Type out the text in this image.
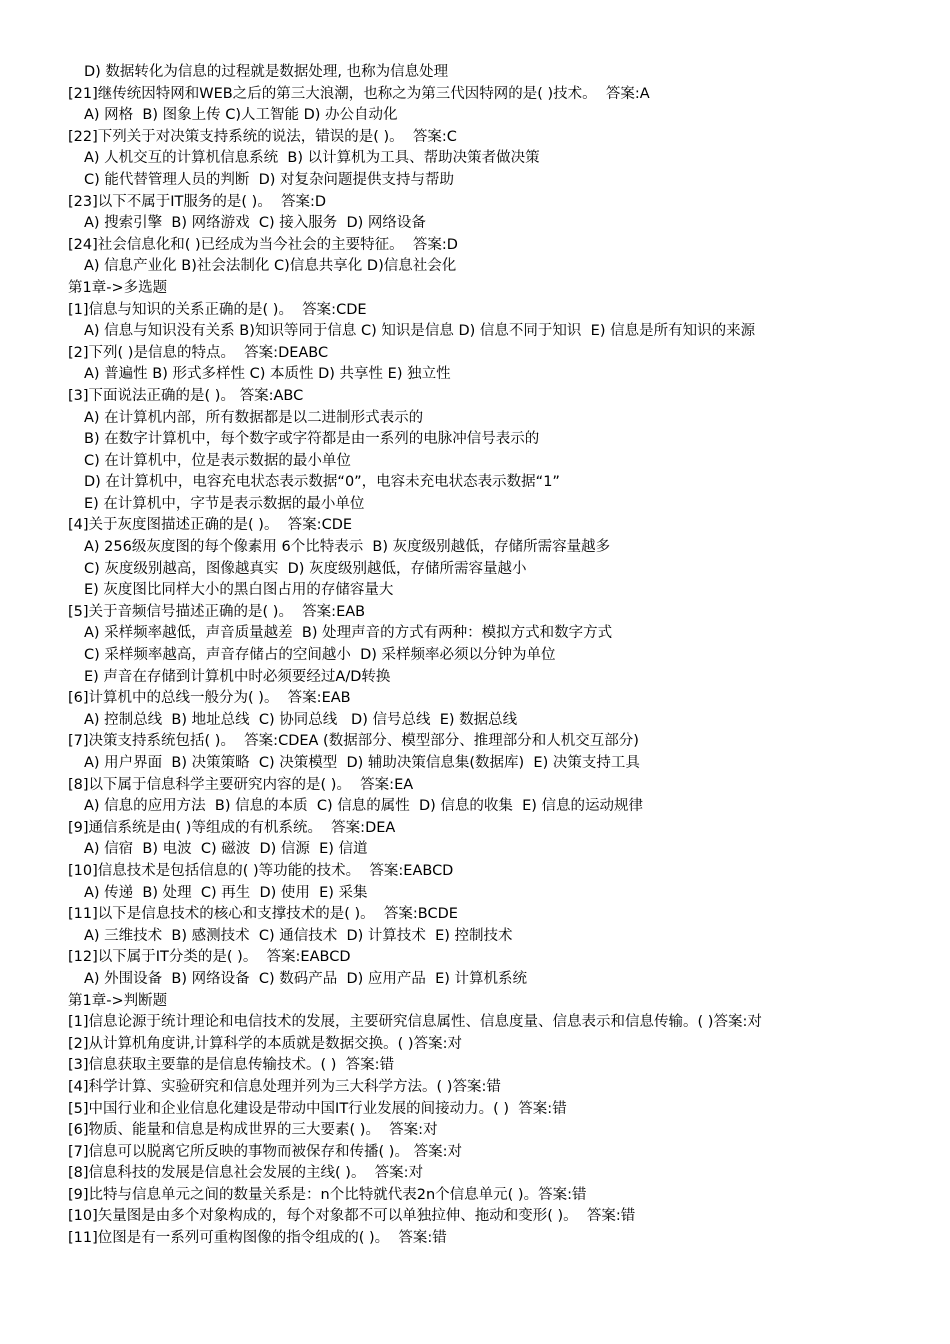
D) 数据转化为信息的过程就是数据处理, 也称为信息处理
[21]继传统因特网和WEB之后的第三大浪潮，也称之为第三代因特网的是( )技术。  答案:A
A) 网格  B) 图象上传 C)人工智能 D) 办公自动化
[22]下列关于对决策支持系统的说法，错误的是( )。  答案:C
A) 人机交互的计算机信息系统  B) 以计算机为工具、帮助决策者做决策
C) 能代替管理人员的判断  D) 对复杂问题提供支持与帮助
[23]以下不属于IT服务的是( )。  答案:D
A) 搜索引擎  B) 网络游戏  C) 接入服务  D) 网络设备
[24]社会信息化和( )已经成为当今社会的主要特征。  答案:D
A) 信息产业化 B)社会法制化 C)信息共享化 D)信息社会化
第1章->多选题
[1]信息与知识的关系正确的是( )。  答案:CDE
A) 信息与知识没有关系 B)知识等同于信息 C) 知识是信息 D) 信息不同于知识  E) 信息是所有知识的来源
[2]下列( )是信息的特点。  答案:DEABC
A) 普遍性 B) 形式多样性 C) 本质性 D) 共享性 E) 独立性
[3]下面说法正确的是( )。 答案:ABC
A) 在计算机内部，所有数据都是以二进制形式表示的
B) 在数字计算机中，每个数字或字符都是由一系列的电脉冲信号表示的
C) 在计算机中，位是表示数据的最小单位
D) 在计算机中，电容充电状态表示数据“0”，电容未充电状态表示数据“1”
E) 在计算机中，字节是表示数据的最小单位
[4]关于灰度图描述正确的是( )。  答案:CDE
A) 256级灰度图的每个像素用 6个比特表示  B) 灰度级别越低，存储所需容量越多
C) 灰度级别越高，图像越真实  D) 灰度级别越低，存储所需容量越小
E) 灰度图比同样大小的黑白图占用的存储容量大
[5]关于音频信号描述正确的是( )。  答案:EAB
A) 采样频率越低，声音质量越差  B) 处理声音的方式有两种：模拟方式和数字方式
C) 采样频率越高，声音存储占的空间越小  D) 采样频率必须以分钟为单位
E) 声音在存储到计算机中时必须要经过A/D转换
[6]计算机中的总线一般分为( )。  答案:EAB
A) 控制总线  B) 地址总线  C) 协同总线   D) 信号总线  E) 数据总线
[7]决策支持系统包括( )。  答案:CDEA (数据部分、模型部分、推理部分和人机交互部分)
A) 用户界面  B) 决策策略  C) 决策模型  D) 辅助决策信息集(数据库)  E) 决策支持工具
[8]以下属于信息科学主要研究内容的是( )。  答案:EA
A) 信息的应用方法  B) 信息的本质  C) 信息的属性  D) 信息的收集  E) 信息的运动规律
[9]通信系统是由( )等组成的有机系统。  答案:DEA
A) 信宿  B) 电波  C) 磁波  D) 信源  E) 信道
[10]信息技术是包括信息的( )等功能的技术。  答案:EABCD
A) 传递  B) 处理  C) 再生  D) 使用  E) 采集
[11]以下是信息技术的核心和支撑技术的是( )。  答案:BCDE
A) 三维技术  B) 感测技术  C) 通信技术  D) 计算技术  E) 控制技术
[12]以下属于IT分类的是( )。  答案:EABCD
A) 外围设备  B) 网络设备  C) 数码产品  D) 应用产品  E) 计算机系统
第1章->判断题
[1]信息论源于统计理论和电信技术的发展，主要研究信息属性、信息度量、信息表示和信息传输。( )答案:对
[2]从计算机角度讲,计算科学的本质就是数据交换。( )答案:对
[3]信息获取主要靠的是信息传输技术。( )  答案:错
[4]科学计算、实验研究和信息处理并列为三大科学方法。( )答案:错
[5]中国行业和企业信息化建设是带动中国IT行业发展的间接动力。( )  答案:错
[6]物质、能量和信息是构成世界的三大要素( )。  答案:对
[7]信息可以脱离它所反映的事物而被保存和传播( )。 答案:对
[8]信息科技的发展是信息社会发展的主线( )。  答案:对
[9]比特与信息单元之间的数量关系是：n个比特就代表2n个信息单元( )。答案:错
[10]矢量图是由多个对象构成的，每个对象都不可以单独拉伸、拖动和变形( )。  答案:错
[11]位图是有一系列可重构图像的指令组成的( )。  答案:错
